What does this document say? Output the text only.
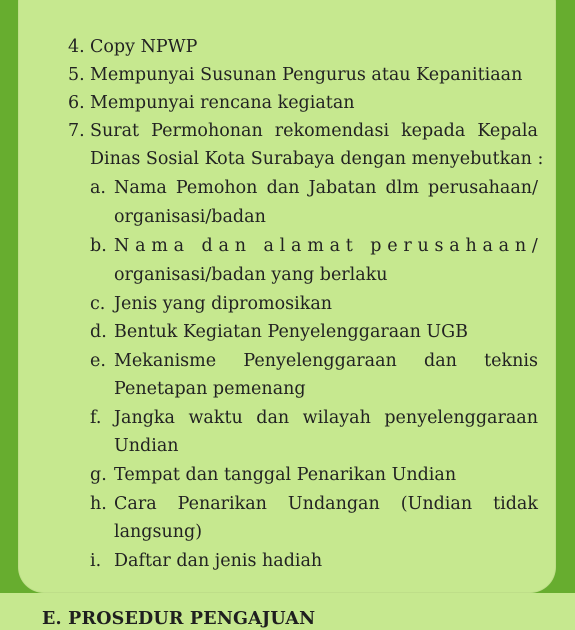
4. Copy NPWP
5. Mempunyai Susunan Pengurus atau Kepanitiaan
6. Mempunyai rencana kegiatan
7. Surat Permohonan rekomendasi kepada Kepala
Dinas Sosial Kota Surabaya dengan menyebutkan :
a. Nama Pemohon dan Jabatan dlm perusahaan/
organisasi/badan
b. N a m a d a n a l a m a t p e r u s a h a a n /
organisasi/badan yang berlaku
c. Jenis yang dipromosikan
d. Bentuk Kegiatan Penyelenggaraan UGB
e. Mekanisme Penyelenggaraan dan teknis
Penetapan pemenang
f. Jangka waktu dan wilayah penyelenggaraan
Undian
g. Tempat dan tanggal Penarikan Undian
h. Cara Penarikan Undangan (Undian tidak
langsung)
i. Daftar dan jenis hadiah
E. PROSEDUR PENGAJUAN
